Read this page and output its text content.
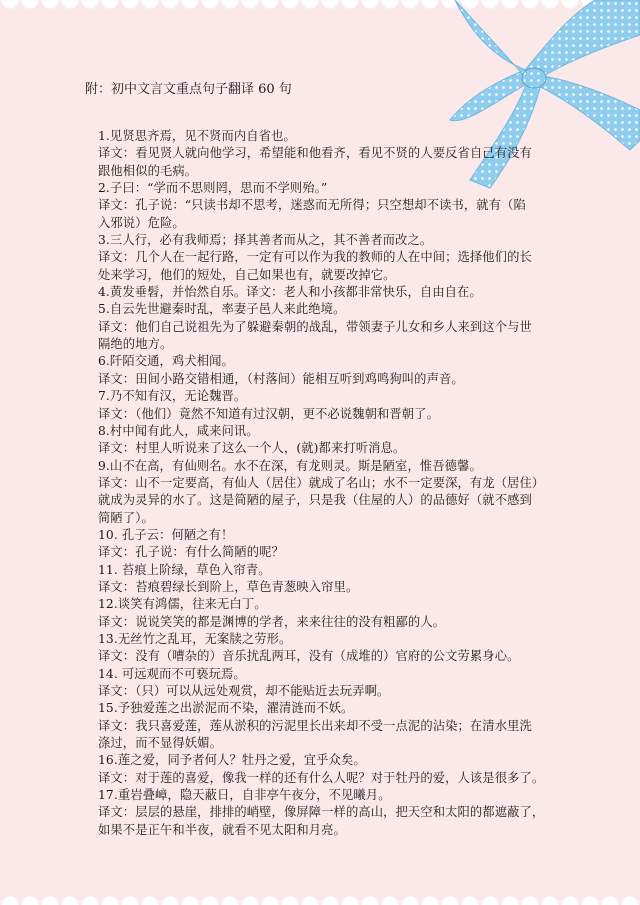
附：初中文言文重点句子翻译 60 句

1.见贤思齐焉，见不贤而内自省也。

译文：看见贤人就向他学习，希望能和他看齐，看见不贤的人要反省自己有没有

跟他相似的毛病。

2.子曰：“学而不思则罔，思而不学则殆。”

译文：孔子说：“只读书却不思考，迷惑而无所得；只空想却不读书，就有（陷

入邪说）危险。

3.三人行，必有我师焉；择其善者而从之，其不善者而改之。

译文：几个人在一起行路，一定有可以作为我的教师的人在中间；选择他们的长

处来学习，他们的短处，自己如果也有，就要改掉它。

4.黄发垂髫，并怡然自乐。译文：老人和小孩都非常快乐，自由自在。

5.自云先世避秦时乱，率妻子邑人来此绝境。

译文：他们自己说祖先为了躲避秦朝的战乱，带领妻子儿女和乡人来到这个与世

隔绝的地方。

6.阡陌交通，鸡犬相闻。

译文：田间小路交错相通，（村落间）能相互听到鸡鸣狗叫的声音。

7.乃不知有汉，无论魏晋。

译文：（他们）竟然不知道有过汉朝，更不必说魏朝和晋朝了。

8.村中闻有此人，咸来问讯。

译文：村里人听说来了这么一个人，(就)都来打听消息。

9.山不在高，有仙则名。水不在深，有龙则灵。斯是陋室，惟吾德馨。

译文：山不一定要高，有仙人（居住）就成了名山；水不一定要深，有龙（居住）

就成为灵异的水了。这是简陋的屋子，只是我（住屋的人）的品德好（就不感到

简陋了）。

10. 孔子云：何陋之有！

译文：孔子说：有什么简陋的呢？

11. 苔痕上阶绿，草色入帘青。

译文：苔痕碧绿长到阶上，草色青葱映入帘里。

12.谈笑有鸿儒，往来无白丁。

译文：说说笑笑的都是渊博的学者，来来往往的没有粗鄙的人。

13.无丝竹之乱耳，无案牍之劳形。

译文：没有（嘈杂的）音乐扰乱两耳，没有（成堆的）官府的公文劳累身心。

14. 可远观而不可亵玩焉。

译文：（只）可以从远处观赏，却不能贴近去玩弄啊。

15.予独爱莲之出淤泥而不染，濯清涟而不妖。

译文：我只喜爱莲，莲从淤积的污泥里长出来却不受一点泥的沾染；在清水里洗

涤过，而不显得妖媚。

16.莲之爱，同予者何人？牡丹之爱，宜乎众矣。

译文：对于莲的喜爱，像我一样的还有什么人呢？对于牡丹的爱，人该是很多了。

17.重岩叠嶂，隐天蔽日，自非亭午夜分，不见曦月。

译文：层层的悬崖，排排的峭壁，像屏障一样的高山，把天空和太阳的都遮蔽了，

如果不是正午和半夜，就看不见太阳和月亮。
